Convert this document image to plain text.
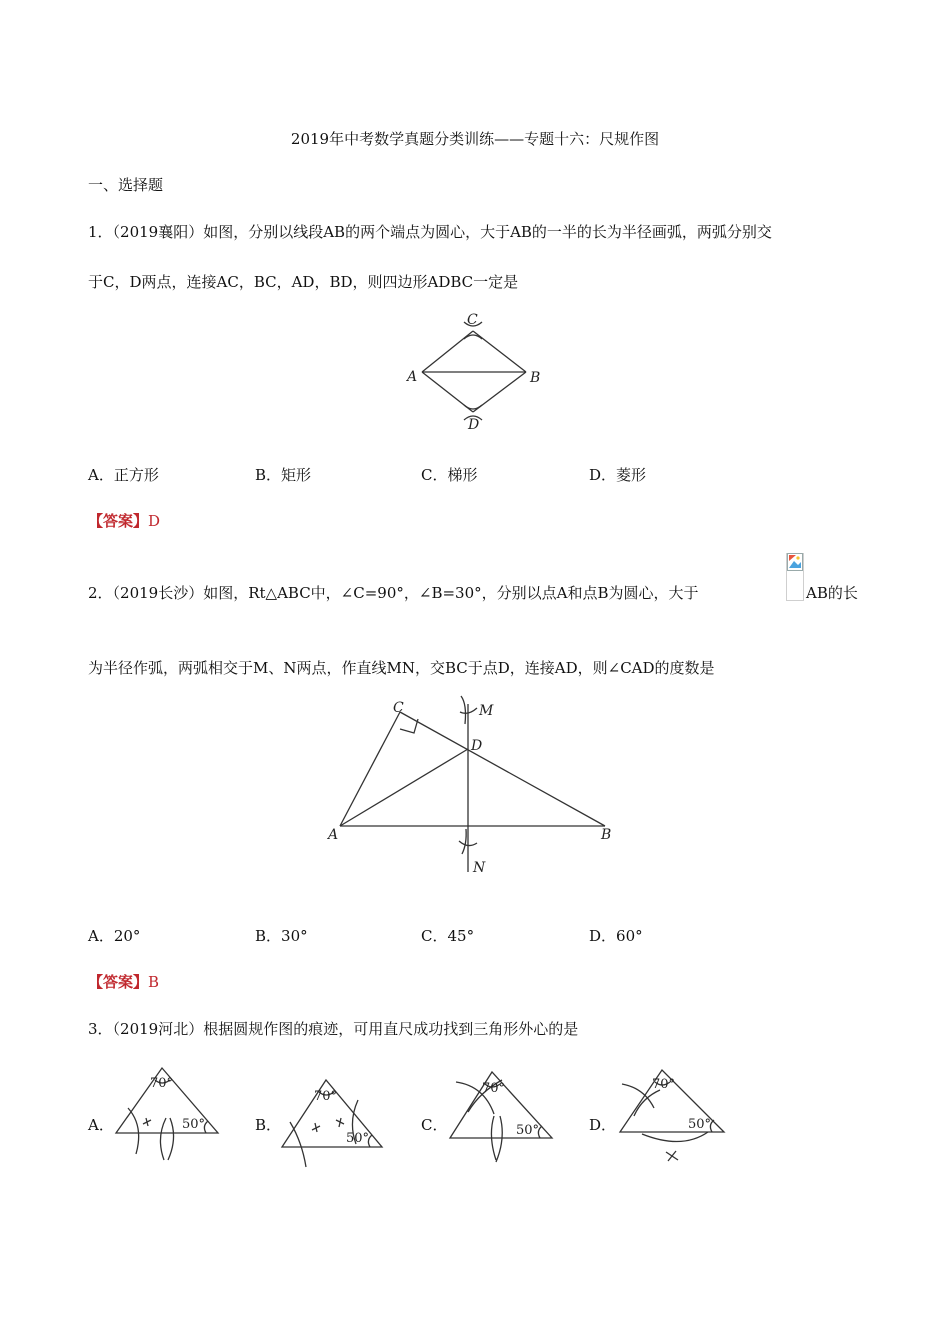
2019年中考数学真题分类训练——专题十六：尺规作图
一、选择题
1．（2019襄阳）如图，分别以线段AB的两个端点为圆心，大于AB的一半的长为半径画弧，两弧分别交
于C，D两点，连接AC，BC，AD，BD，则四边形ADBC一定是
C
A	B
D
A．正方形	B．矩形	C．梯形	D．菱形
【答案】D
2．（2019长沙）如图，Rt△ABC中，∠C=90°，∠B=30°，分别以点A和点B为圆心，大于	AB的长
为半径作弧，两弧相交于M、N两点，作直线MN，交BC于点D，连接AD，则∠CAD的度数是
C	M
D
A	B
N
A．20°	B．30°	C．45°	D．60°
【答案】B
3．（2019河北）根据圆规作图的痕迹，可用直尺成功找到三角形外心的是
A．
70°
50°	B．
70°
50°
C．
70°
50°	D．
70°
50°
